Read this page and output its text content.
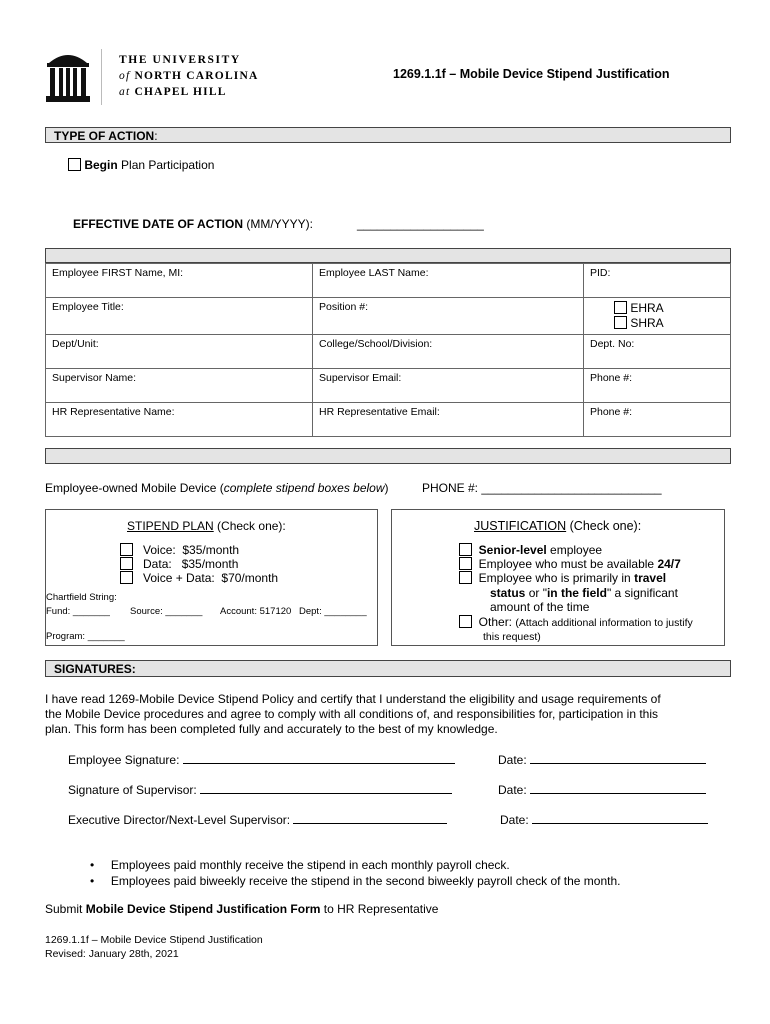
THE UNIVERSITY
of NORTH CAROLINA
at CHAPEL HILL
1269.1.1f – Mobile Device Stipend Justification
TYPE OF ACTION:
Begin Plan Participation
EFFECTIVE DATE OF ACTION (MM/YYYY):	___________________
Employee FIRST Name, MI:	Employee LAST Name:	PID:
Employee Title:	Position #:	EHRA
SHRA

Dept/Unit:	College/School/Division:	Dept. No:
Supervisor Name:	Supervisor Email:	Phone #:
HR Representative Name:	HR Representative Email:	Phone #:
Employee-owned Mobile Device (complete stipend boxes below)	PHONE #: ___________________________
STIPEND PLAN (Check one):
Voice:  $35/month
Data:   $35/month
Voice + Data:  $70/month
Chartfield String:
Fund: _______ Source: _______ Account: 517120 Dept: ________
Program: _______
JUSTIFICATION (Check one):
Senior-level employee
Employee who must be available 24/7
Employee who is primarily in travel
status or "in the field" a significant
amount of the time
Other: (Attach additional information to justify
this request)
SIGNATURES:
I have read 1269-Mobile Device Stipend Policy and certify that I understand the eligibility and usage requirements of
the Mobile Device procedures and agree to comply with all conditions of, and responsibilities for, participation in this
plan. This form has been completed fully and accurately to the best of my knowledge.
Employee Signature:	Date:
Signature of Supervisor:	Date:
Executive Director/Next-Level Supervisor:	Date:
•     Employees paid monthly receive the stipend in each monthly payroll check.
•     Employees paid biweekly receive the stipend in the second biweekly payroll check of the month.
Submit Mobile Device Stipend Justification Form to HR Representative
1269.1.1f – Mobile Device Stipend Justification
Revised: January 28th, 2021
